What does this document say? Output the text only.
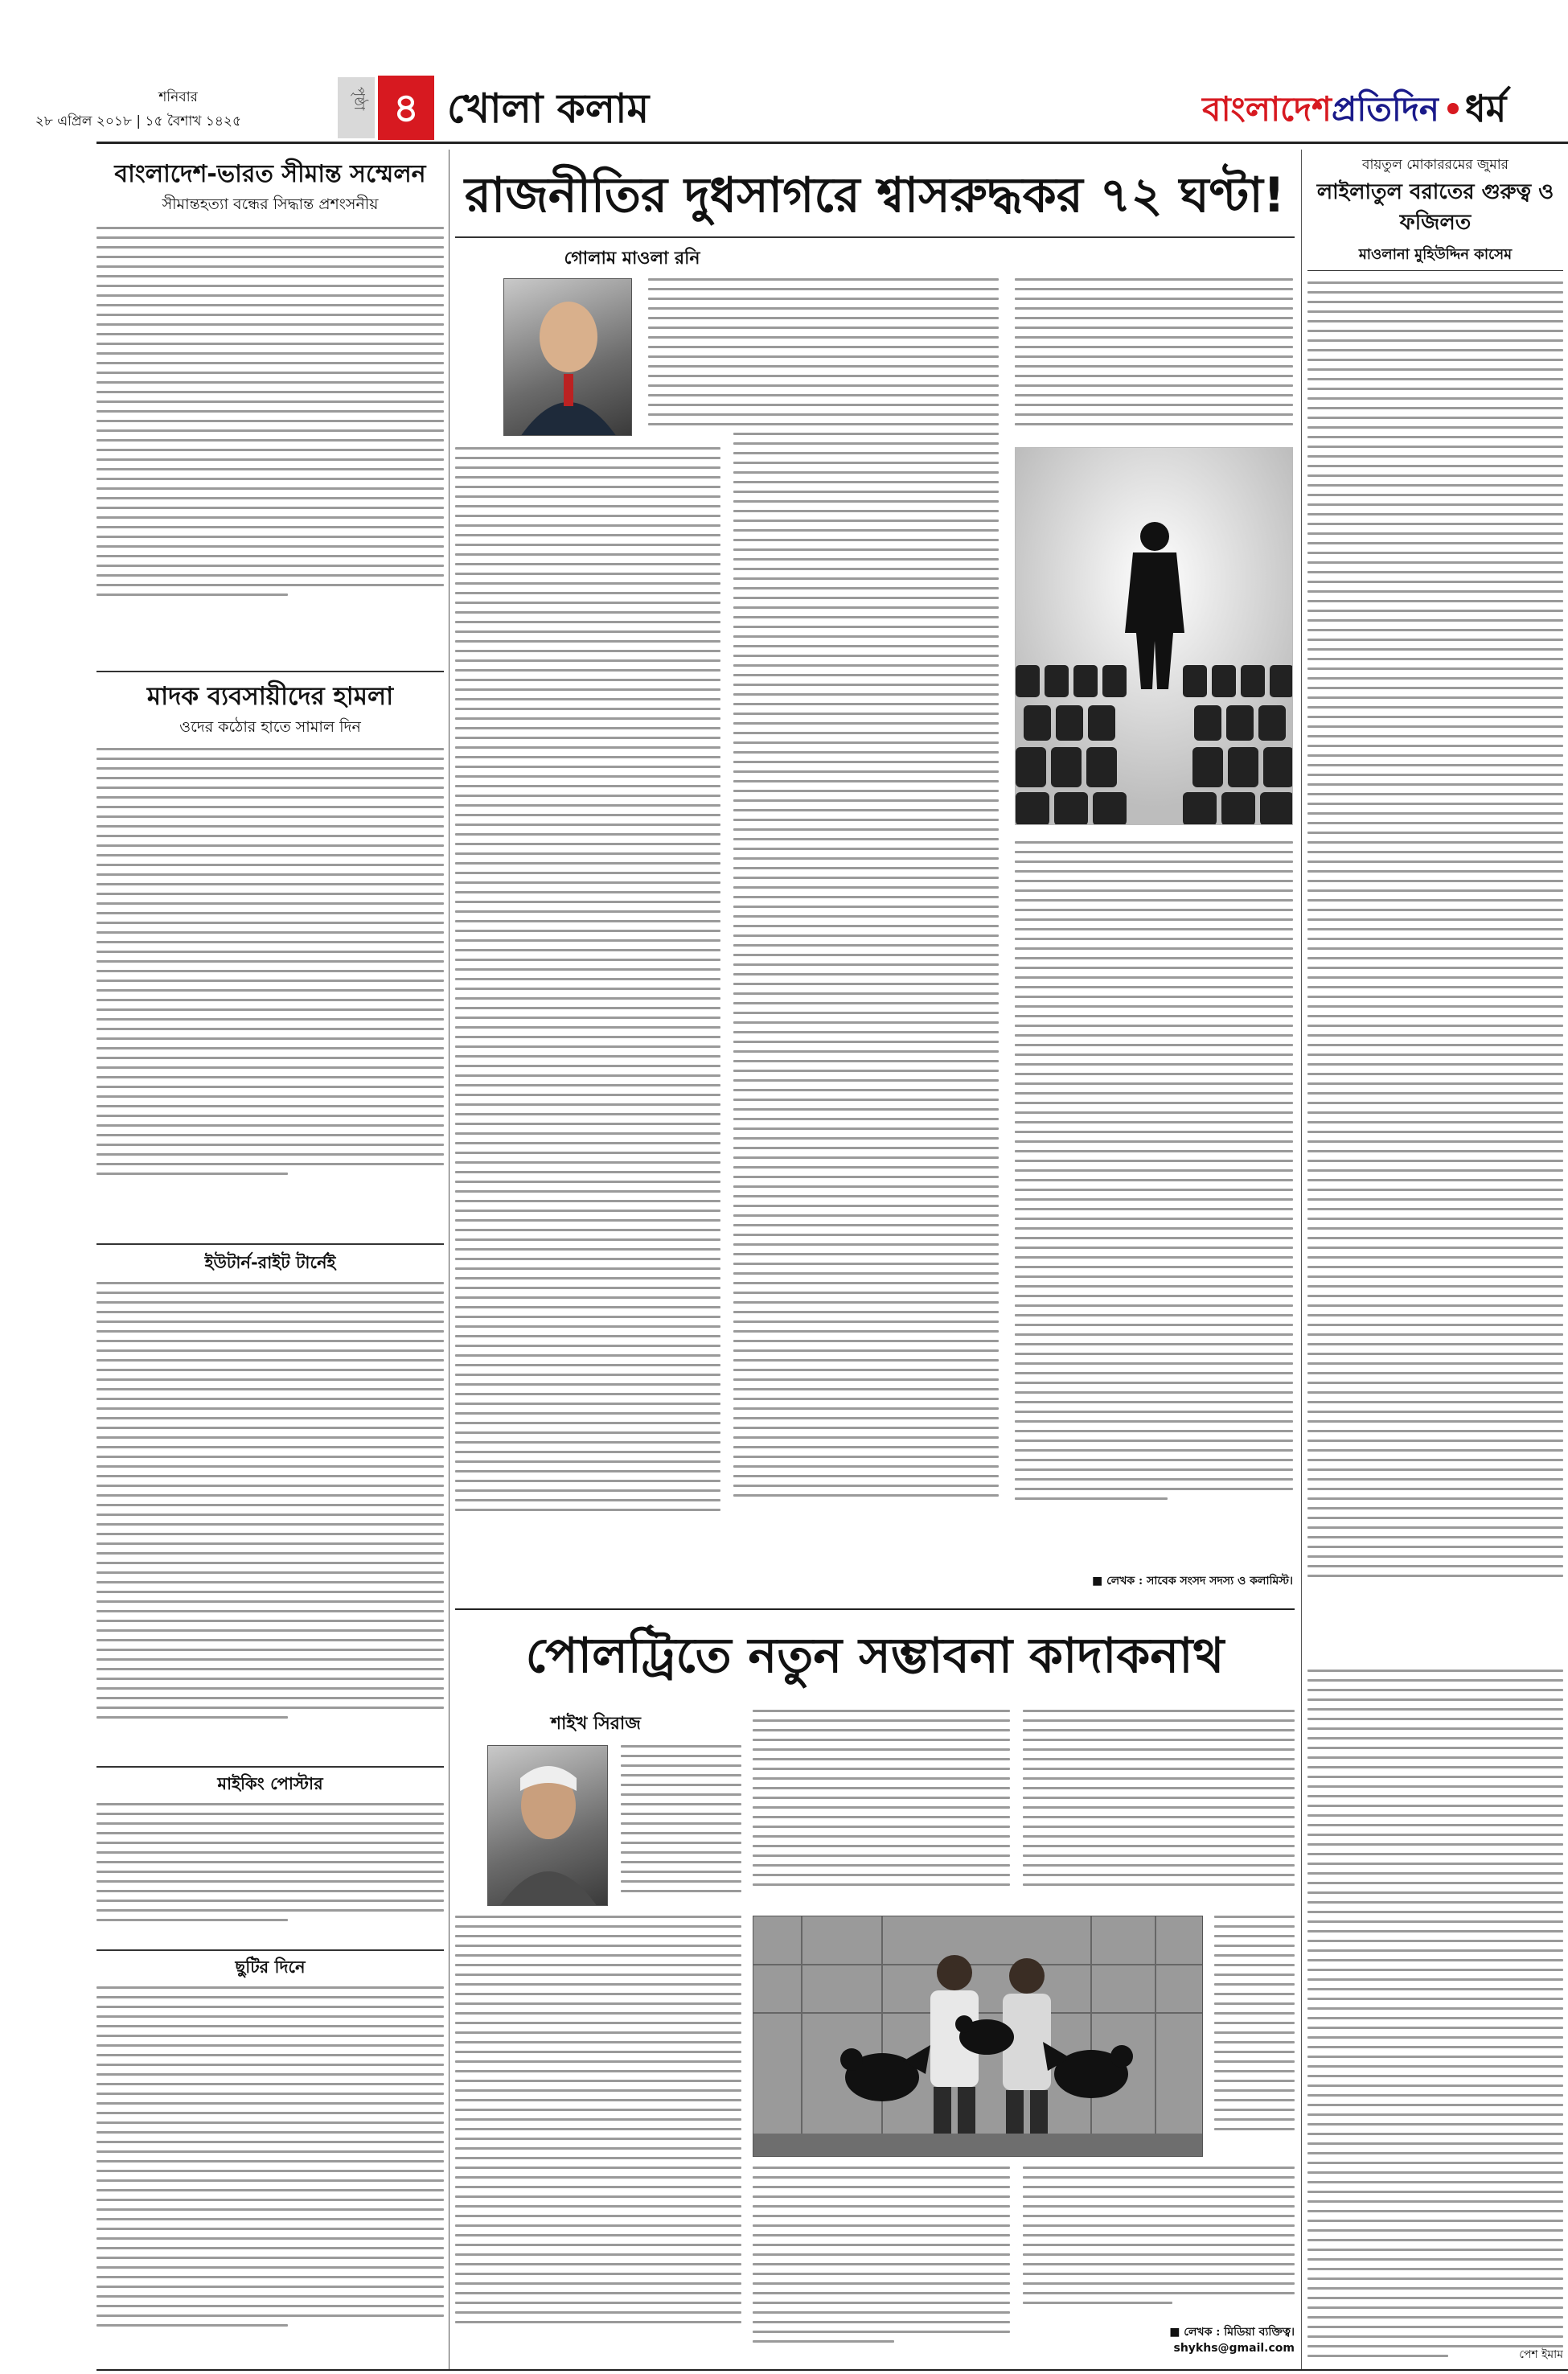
শনিবার
২৮ এপ্রিল ২০১৮ | ১৫ বৈশাখ ১৪২৫
পৃষ্ঠা ৪ খোলা কলাম	বাংলাদেশপ্রতিদিন ধর্ম
বাংলাদেশ-ভারত সীমান্ত সম্মেলন
সীমান্তহত্যা বন্ধের সিদ্ধান্ত প্রশংসনীয়
মাদক ব্যবসায়ীদের হামলা
ওদের কঠোর হাতে সামাল দিন
ইউটার্ন-রাইট টার্নেই
মাইকিং পোস্টার
ছুটির দিনে
রাজনীতির দুধসাগরে শ্বাসরুদ্ধকর ৭২ ঘণ্টা!
গোলাম মাওলা রনি
■ লেখক : সাবেক সংসদ সদস্য ও কলামিস্ট।
পোলট্রিতে নতুন সম্ভাবনা কাদাকনাথ
শাইখ সিরাজ
■ লেখক : মিডিয়া ব্যক্তিত্ব।
shykhs@gmail.com
বায়তুল মোকাররমের জুমার
লাইলাতুল বরাতের গুরুত্ব ও ফজিলত
মাওলানা মুহিউদ্দিন কাসেম
পেশ ইমাম
